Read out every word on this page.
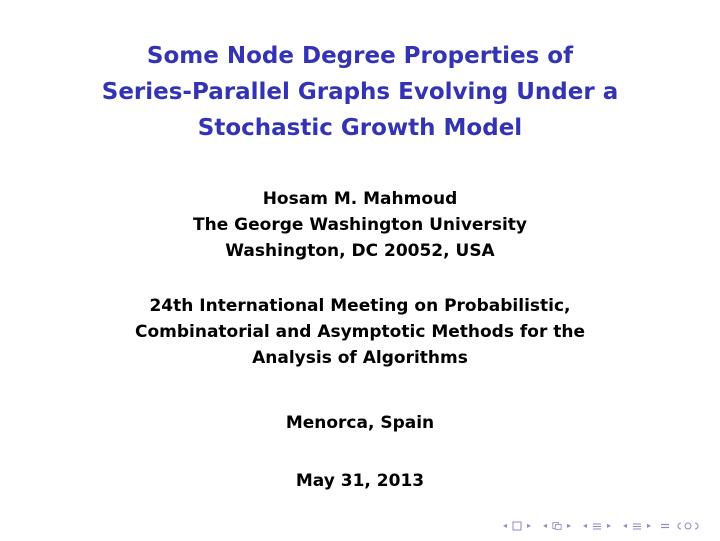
Some Node Degree Properties of
Series-Parallel Graphs Evolving Under a
Stochastic Growth Model
Hosam M. Mahmoud
The George Washington University
Washington, DC 20052, USA
24th International Meeting on Probabilistic,
Combinatorial and Asymptotic Methods for the
Analysis of Algorithms
Menorca, Spain
May 31, 2013
◂	▸	◂	▸	◂	▸	◂	▸
